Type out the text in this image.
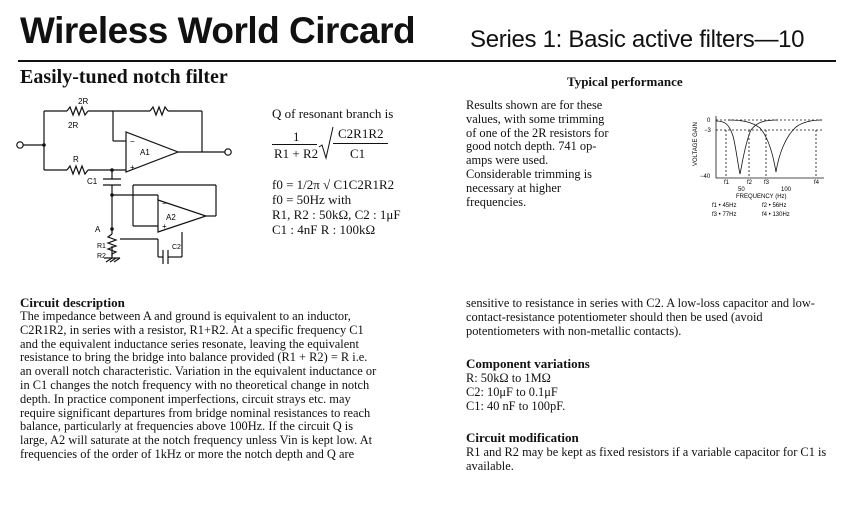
Wireless World Circard Series 1: Basic active filters—10
Easily-tuned notch filter
2R
2R
R
C1
A1
A2
A
R1
R2
C2
−
+
−
+
Q of resonant branch is
1
R1 + R2
C2R1R2
C1
f0 = 1/2π √ C1C2R1R2
f0 = 50Hz with
R1, R2 : 50kΩ, C2 : 1μF
C1 : 4nF R : 100kΩ
Typical performance
Results shown are for these values, with some trimming of one of the 2R resistors for good notch depth. 741 op-amps were used. Considerable trimming is necessary at higher frequencies.
VOLTAGE GAIN
0
−3
−40
f1	f2 f3	f4
50	100
FREQUENCY (Hz)
f1 • 45Hz	f2 • 56Hz
f3 • 77Hz	f4 • 130Hz
Circuit description
The impedance between A and ground is equivalent to an inductor, C2R1R2, in series with a resistor, R1+R2. At a specific frequency C1 and the equivalent inductance series resonate, leaving the equivalent resistance to bring the bridge into balance provided (R1 + R2) = R i.e. an overall notch characteristic. Variation in the equivalent inductance or in C1 changes the notch frequency with no theoretical change in notch depth. In practice component imperfections, circuit strays etc. may require significant departures from bridge nominal resistances to reach balance, particularly at frequencies above 100Hz. If the circuit Q is large, A2 will saturate at the notch frequency unless Vin is kept low. At frequencies of the order of 1kHz or more the notch depth and Q are
sensitive to resistance in series with C2. A low-loss capacitor and low-contact-resistance potentiometer should then be used (avoid potentiometers with non-metallic contacts).
Component variations
R: 50kΩ to 1MΩ
C2: 10μF to 0.1μF
C1: 40 nF to 100pF.
Circuit modification
R1 and R2 may be kept as fixed resistors if a variable capacitor for C1 is available.
